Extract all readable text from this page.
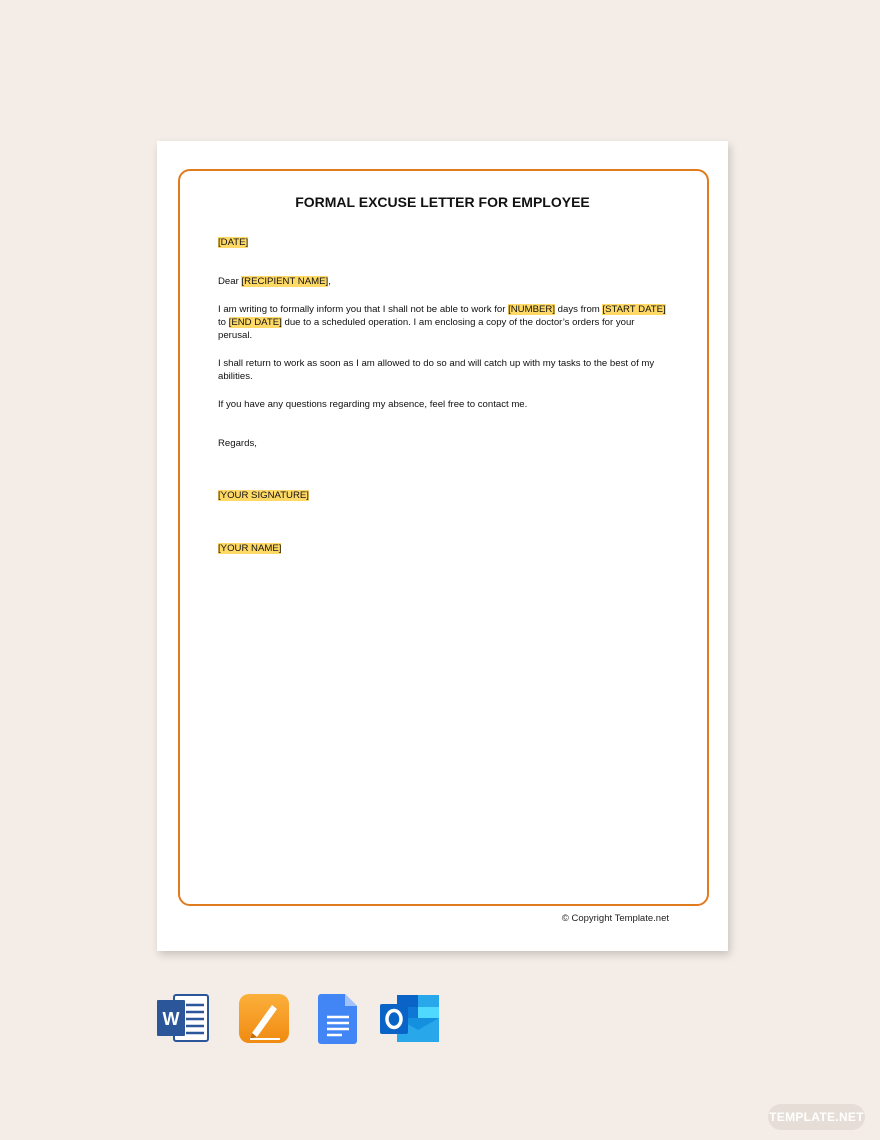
FORMAL EXCUSE LETTER FOR EMPLOYEE
[DATE]
Dear [RECIPIENT NAME],
I am writing to formally inform you that I shall not be able to work for [NUMBER] days from [START DATE] to [END DATE] due to a scheduled operation. I am enclosing a copy of the doctor’s orders for your perusal.
I shall return to work as soon as I am allowed to do so and will catch up with my tasks to the best of my abilities.
If you have any questions regarding my absence, feel free to contact me.
Regards,
[YOUR SIGNATURE]
[YOUR NAME]
© Copyright Template.net
W
TEMPLATE.NET
